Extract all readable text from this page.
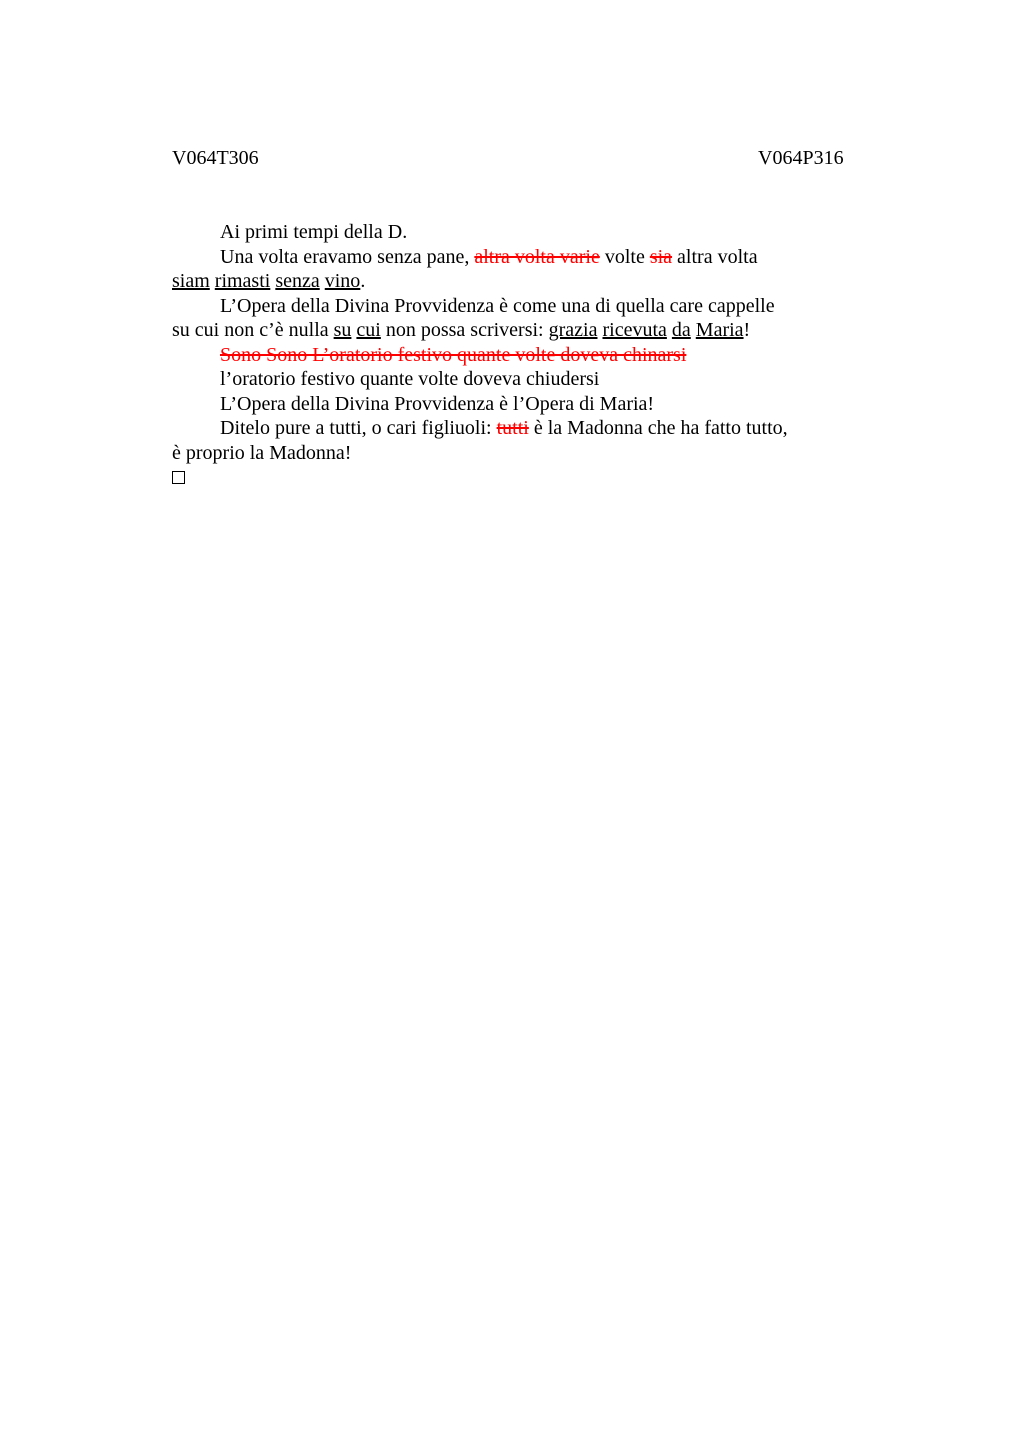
V064T306	V064P316

Ai primi tempi della D.

Una volta eravamo senza pane, altra volta varie volte sia altra volta

siam rimasti senza vino.

L’Opera della Divina Provvidenza è come una di quella care cappelle

su cui non c’è nulla su cui non possa scriversi: grazia ricevuta da Maria!

Sono Sono L’oratorio festivo quante volte doveva chinarsi

l’oratorio festivo quante volte doveva chiudersi

L’Opera della Divina Provvidenza è l’Opera di Maria!

Ditelo pure a tutti, o cari figliuoli: tutti è la Madonna che ha fatto tutto,

è proprio la Madonna!
